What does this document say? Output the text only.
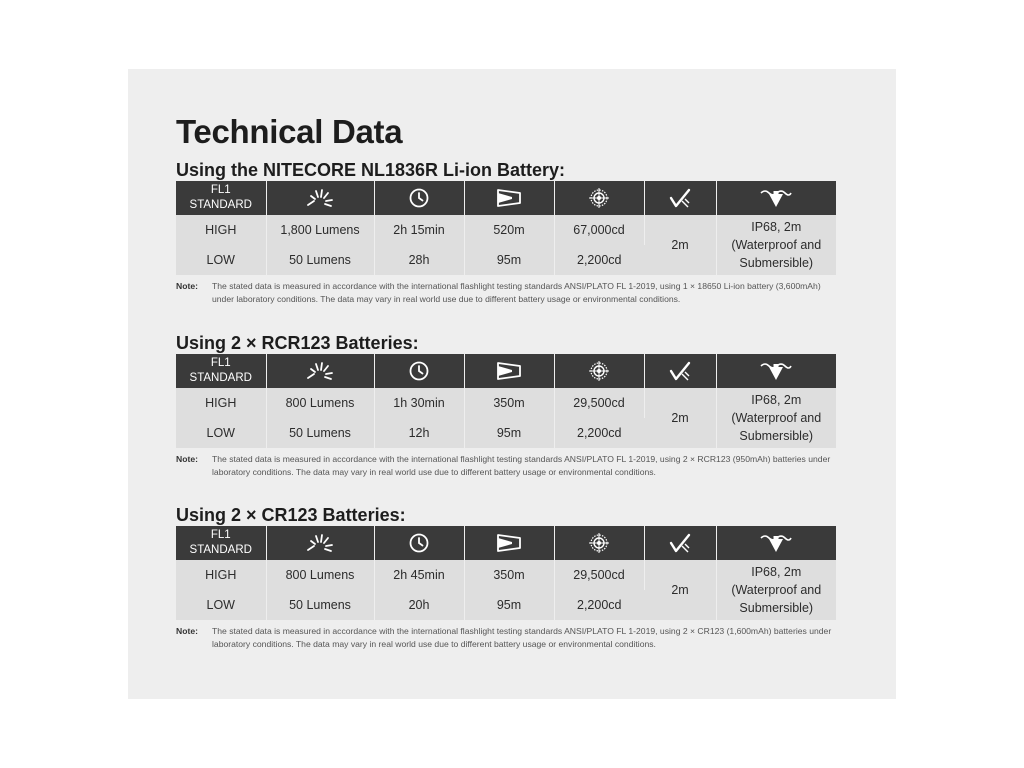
Technical Data
Using the NITECORE NL1836R Li-ion Battery:
FL1
STANDARD

HIGH	1,800 Lumens	2h 15min	520m	67,000cd	2m	IP68, 2m
(Waterproof and
Submersible)

LOW	50 Lumens	28h	95m	2,200cd		
Note:	The stated data is measured in accordance with the international flashlight testing standards ANSI/PLATO FL 1-2019, using 1 × 18650 Li-ion battery (3,600mAh) under laboratory conditions. The data may vary in real world use due to different battery usage or environmental conditions.
Using 2 × RCR123 Batteries:
FL1
STANDARD

HIGH	800 Lumens	1h 30min	350m	29,500cd	2m	IP68, 2m
(Waterproof and
Submersible)

LOW	50 Lumens	12h	95m	2,200cd		
Note:	The stated data is measured in accordance with the international flashlight testing standards ANSI/PLATO FL 1-2019, using 2 × RCR123 (950mAh) batteries under laboratory conditions. The data may vary in real world use due to different battery usage or environmental conditions.
Using 2 × CR123 Batteries:
FL1
STANDARD

HIGH	800 Lumens	2h 45min	350m	29,500cd	2m	IP68, 2m
(Waterproof and
Submersible)

LOW	50 Lumens	20h	95m	2,200cd		
Note:	The stated data is measured in accordance with the international flashlight testing standards ANSI/PLATO FL 1-2019, using 2 × CR123 (1,600mAh) batteries under laboratory conditions. The data may vary in real world use due to different battery usage or environmental conditions.
